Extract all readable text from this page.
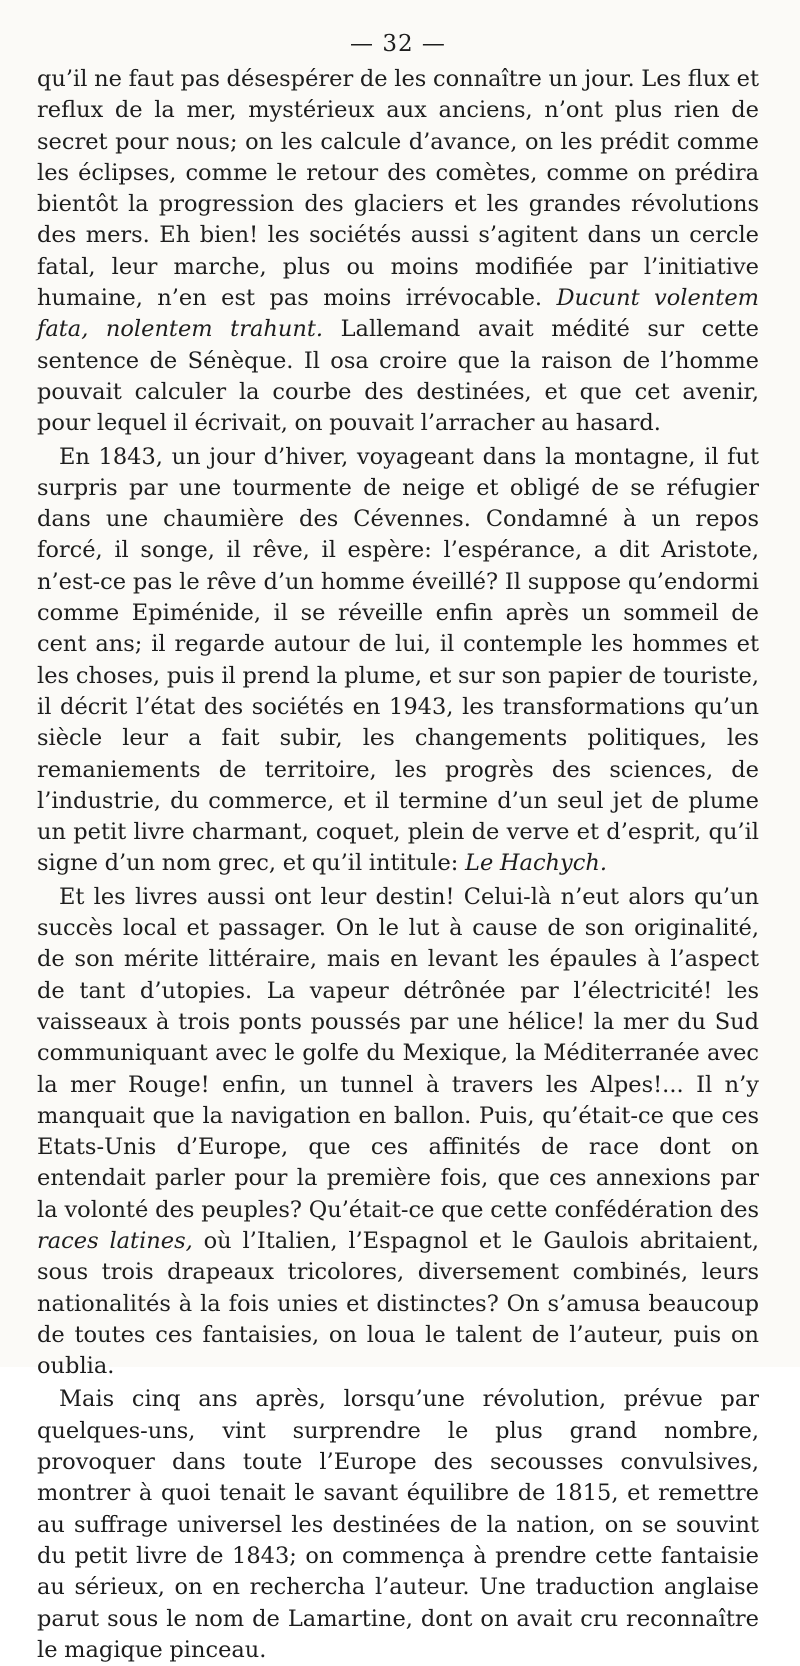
— 32 —

qu’il ne faut pas désespérer de les connaître un jour. Les flux et reflux de la mer, mystérieux aux anciens, n’ont plus rien de secret pour nous; on les calcule d’avance, on les prédit comme les éclipses, comme le retour des comètes, comme on prédira bientôt la progression des glaciers et les grandes révolutions des mers. Eh bien! les sociétés aussi s’agitent dans un cercle fatal, leur marche, plus ou moins modifiée par l’initiative humaine, n’en est pas moins irrévocable. Ducunt volentem fata, nolentem trahunt. Lallemand avait médité sur cette sentence de Sénèque. Il osa croire que la raison de l’homme pouvait calculer la courbe des destinées, et que cet avenir, pour lequel il écrivait, on pouvait l’arracher au hasard.

En 1843, un jour d’hiver, voyageant dans la montagne, il fut surpris par une tourmente de neige et obligé de se réfugier dans une chaumière des Cévennes. Condamné à un repos forcé, il songe, il rêve, il espère: l’espérance, a dit Aristote, n’est-ce pas le rêve d’un homme éveillé? Il suppose qu’endormi comme Epiménide, il se réveille enfin après un sommeil de cent ans; il regarde autour de lui, il contemple les hommes et les choses, puis il prend la plume, et sur son papier de touriste, il décrit l’état des sociétés en 1943, les transformations qu’un siècle leur a fait subir, les changements politiques, les remaniements de territoire, les progrès des sciences, de l’industrie, du commerce, et il termine d’un seul jet de plume un petit livre charmant, coquet, plein de verve et d’esprit, qu’il signe d’un nom grec, et qu’il intitule: Le Hachych.

Et les livres aussi ont leur destin! Celui-là n’eut alors qu’un succès local et passager. On le lut à cause de son originalité, de son mérite littéraire, mais en levant les épaules à l’aspect de tant d’utopies. La vapeur détrônée par l’électricité! les vaisseaux à trois ponts poussés par une hélice! la mer du Sud communiquant avec le golfe du Mexique, la Méditerranée avec la mer Rouge! enfin, un tunnel à travers les Alpes!... Il n’y manquait que la navigation en ballon. Puis, qu’était-ce que ces Etats-Unis d’Europe, que ces affinités de race dont on entendait parler pour la première fois, que ces annexions par la volonté des peuples? Qu’était-ce que cette confédération des races latines, où l’Italien, l’Espagnol et le Gaulois abritaient, sous trois drapeaux tricolores, diversement combinés, leurs nationalités à la fois unies et distinctes? On s’amusa beaucoup de toutes ces fantaisies, on loua le talent de l’auteur, puis on oublia.

Mais cinq ans après, lorsqu’une révolution, prévue par quelques-uns, vint surprendre le plus grand nombre, provoquer dans toute l’Europe des secousses convulsives, montrer à quoi tenait le savant équilibre de 1815, et remettre au suffrage universel les destinées de la nation, on se souvint du petit livre de 1843; on commença à prendre cette fantaisie au sérieux, on en rechercha l’auteur. Une traduction anglaise parut sous le nom de Lamartine, dont on avait cru reconnaître le magique pinceau.
